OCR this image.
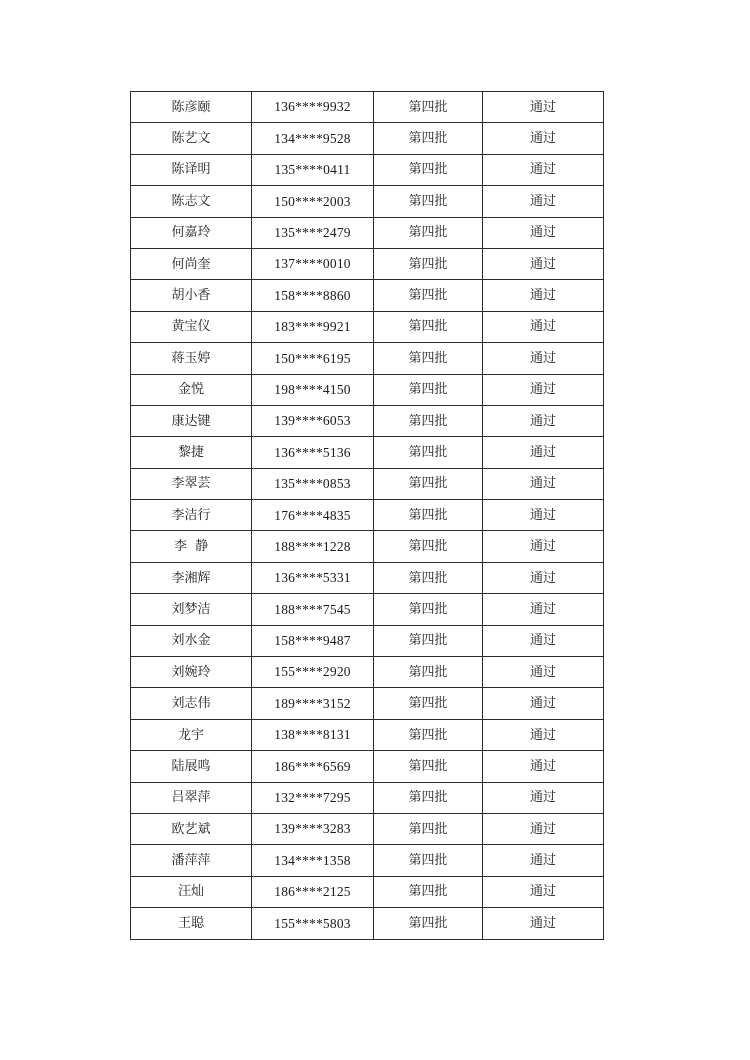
陈彦颐	136****9932	第四批	通过
陈艺文	134****9528	第四批	通过
陈译明	135****0411	第四批	通过
陈志文	150****2003	第四批	通过
何嘉玲	135****2479	第四批	通过
何尚奎	137****0010	第四批	通过
胡小香	158****8860	第四批	通过
黄宝仪	183****9921	第四批	通过
蒋玉婷	150****6195	第四批	通过
金悦	198****4150	第四批	通过
康达键	139****6053	第四批	通过
黎捷	136****5136	第四批	通过
李翠芸	135****0853	第四批	通过
李洁行	176****4835	第四批	通过
李  静	188****1228	第四批	通过
李湘辉	136****5331	第四批	通过
刘梦洁	188****7545	第四批	通过
刘水金	158****9487	第四批	通过
刘婉玲	155****2920	第四批	通过
刘志伟	189****3152	第四批	通过
龙宇	138****8131	第四批	通过
陆展鸣	186****6569	第四批	通过
吕翠萍	132****7295	第四批	通过
欧艺斌	139****3283	第四批	通过
潘萍萍	134****1358	第四批	通过
汪灿	186****2125	第四批	通过
王聪	155****5803	第四批	通过
